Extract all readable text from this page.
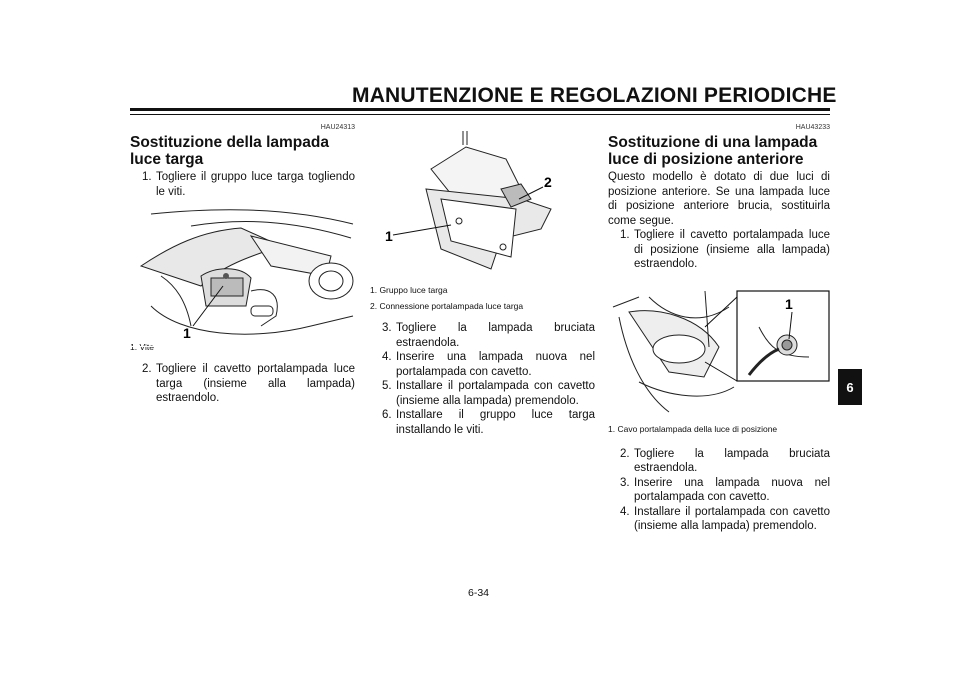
MANUTENZIONE E REGOLAZIONI PERIODICHE
HAU24313
Sostituzione della lampada luce targa
1. Togliere il gruppo luce targa togliendo le viti.
1
1. Vite
2. Togliere il cavetto portalampada luce targa (insieme alla lampada) estraendolo.
1
2
1. Gruppo luce targa
2. Connessione portalampada luce targa
3. Togliere la lampada bruciata estraendola.
4. Inserire una lampada nuova nel portalampada con cavetto.
5. Installare il portalampada con cavetto (insieme alla lampada) premendolo.
6. Installare il gruppo luce targa installando le viti.
HAU43233
Sostituzione di una lampada luce di posizione anteriore

Questo modello è dotato di due luci di posizione anteriore. Se una lampada luce di posizione anteriore brucia, sostituirla come segue.

1. Togliere il cavetto portalampada luce di posizione (insieme alla lampada) estraendolo.
1
1. Cavo portalampada della luce di posizione
2. Togliere la lampada bruciata estraendola.
3. Inserire una lampada nuova nel portalampada con cavetto.
4. Installare il portalampada con cavetto (insieme alla lampada) premendolo.
6
6-34
